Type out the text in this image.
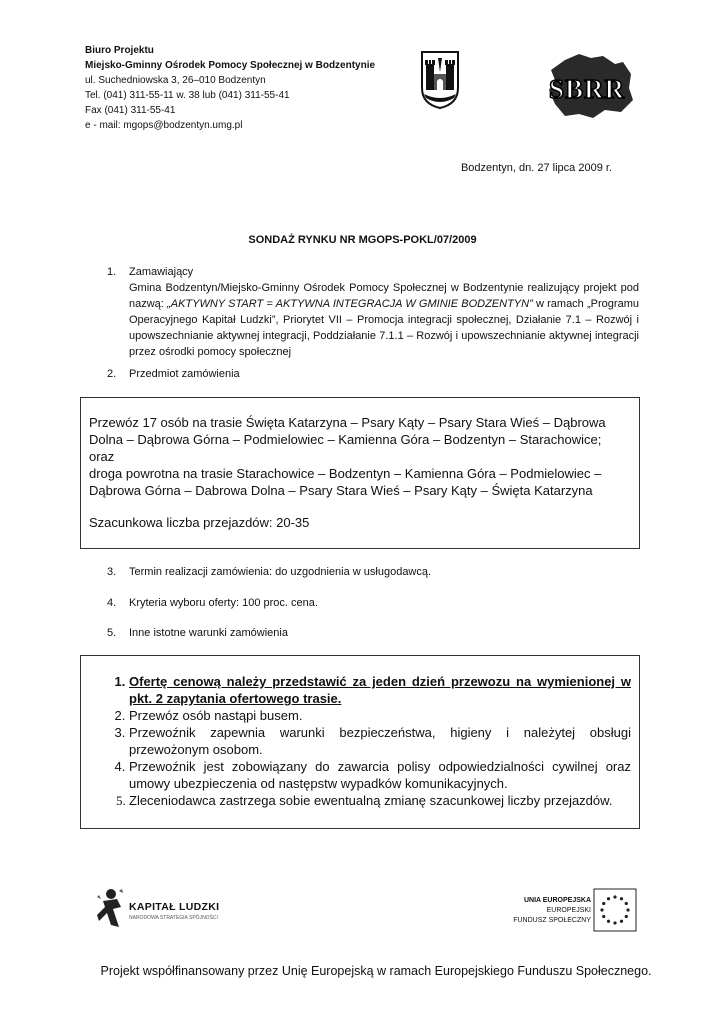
Biuro Projektu
Miejsko-Gminny Ośrodek Pomocy Społecznej w Bodzentynie
ul. Suchedniowska 3, 26–010 Bodzentyn
Tel. (041) 311-55-11 w. 38 lub (041) 311-55-41
Fax (041) 311-55-41
e - mail: mgops@bodzentyn.umg.pl
SBRR
Bodzentyn, dn. 27 lipca 2009 r.
SONDAŻ RYNKU NR MGOPS-POKL/07/2009
1. Zamawiający
Gmina Bodzentyn/Miejsko-Gminny Ośrodek Pomocy Społecznej w Bodzentynie realizujący projekt pod nazwą: „AKTYWNY START = AKTYWNA INTEGRACJA W GMINIE BODZENTYN” w ramach „Programu Operacyjnego Kapitał Ludzki”, Priorytet VII – Promocja integracji społecznej, Działanie 7.1 – Rozwój i upowszechnianie aktywnej integracji, Poddziałanie 7.1.1 – Rozwój i upowszechnianie aktywnej integracji przez ośrodki pomocy społecznej
2. Przedmiot zamówienia

Przewóz 17 osób na trasie Święta Katarzyna – Psary Kąty – Psary Stara Wieś – Dąbrowa Dolna – Dąbrowa Górna – Podmielowiec – Kamienna Góra – Bodzentyn – Starachowice;

oraz

droga powrotna na trasie Starachowice – Bodzentyn – Kamienna Góra – Podmielowiec – Dąbrowa Górna – Dabrowa Dolna – Psary Stara Wieś – Psary Kąty – Święta Katarzyna

Szacunkowa liczba przejazdów: 20-35

3. Termin realizacji zamówienia: do uzgodnienia w usługodawcą.
4. Kryteria wyboru oferty: 100 proc. cena.
5. Inne istotne warunki zamówienia
1. Ofertę cenową należy przedstawić za jeden dzień przewozu na wymienionej w pkt. 2 zapytania ofertowego trasie.
2. Przewóz osób nastąpi busem.
3. Przewoźnik zapewnia warunki bezpieczeństwa, higieny i należytej obsługi przewożonym osobom.
4. Przewoźnik jest zobowiązany do zawarcia polisy odpowiedzialności cywilnej oraz umowy ubezpieczenia od następstw wypadków komunikacyjnych.
5. Zleceniodawca zastrzega sobie ewentualną zmianę szacunkowej liczby przejazdów.
KAPITAŁ LUDZKI
NARODOWA STRATEGIA SPÓJNOŚCI
UNIA EUROPEJSKA
EUROPEJSKI
FUNDUSZ SPOŁECZNY
Projekt współfinansowany przez Unię Europejską w ramach Europejskiego Funduszu Społecznego.
